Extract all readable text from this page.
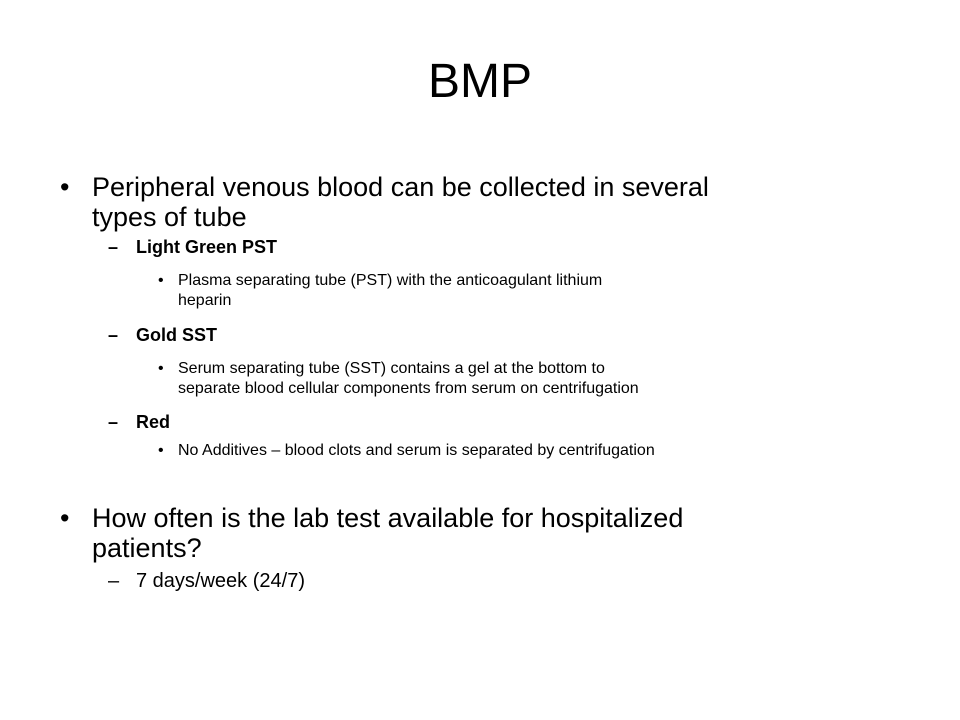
BMP
• Peripheral venous blood can be collected in several
types of tube
– Light Green PST
• Plasma separating tube (PST) with the anticoagulant lithium
heparin
– Gold SST
• Serum separating tube (SST) contains a gel at the bottom to
separate blood cellular components from serum on centrifugation
– Red
• No Additives – blood clots and serum is separated by centrifugation
• How often is the lab test available for hospitalized
patients?
– 7 days/week (24/7)
